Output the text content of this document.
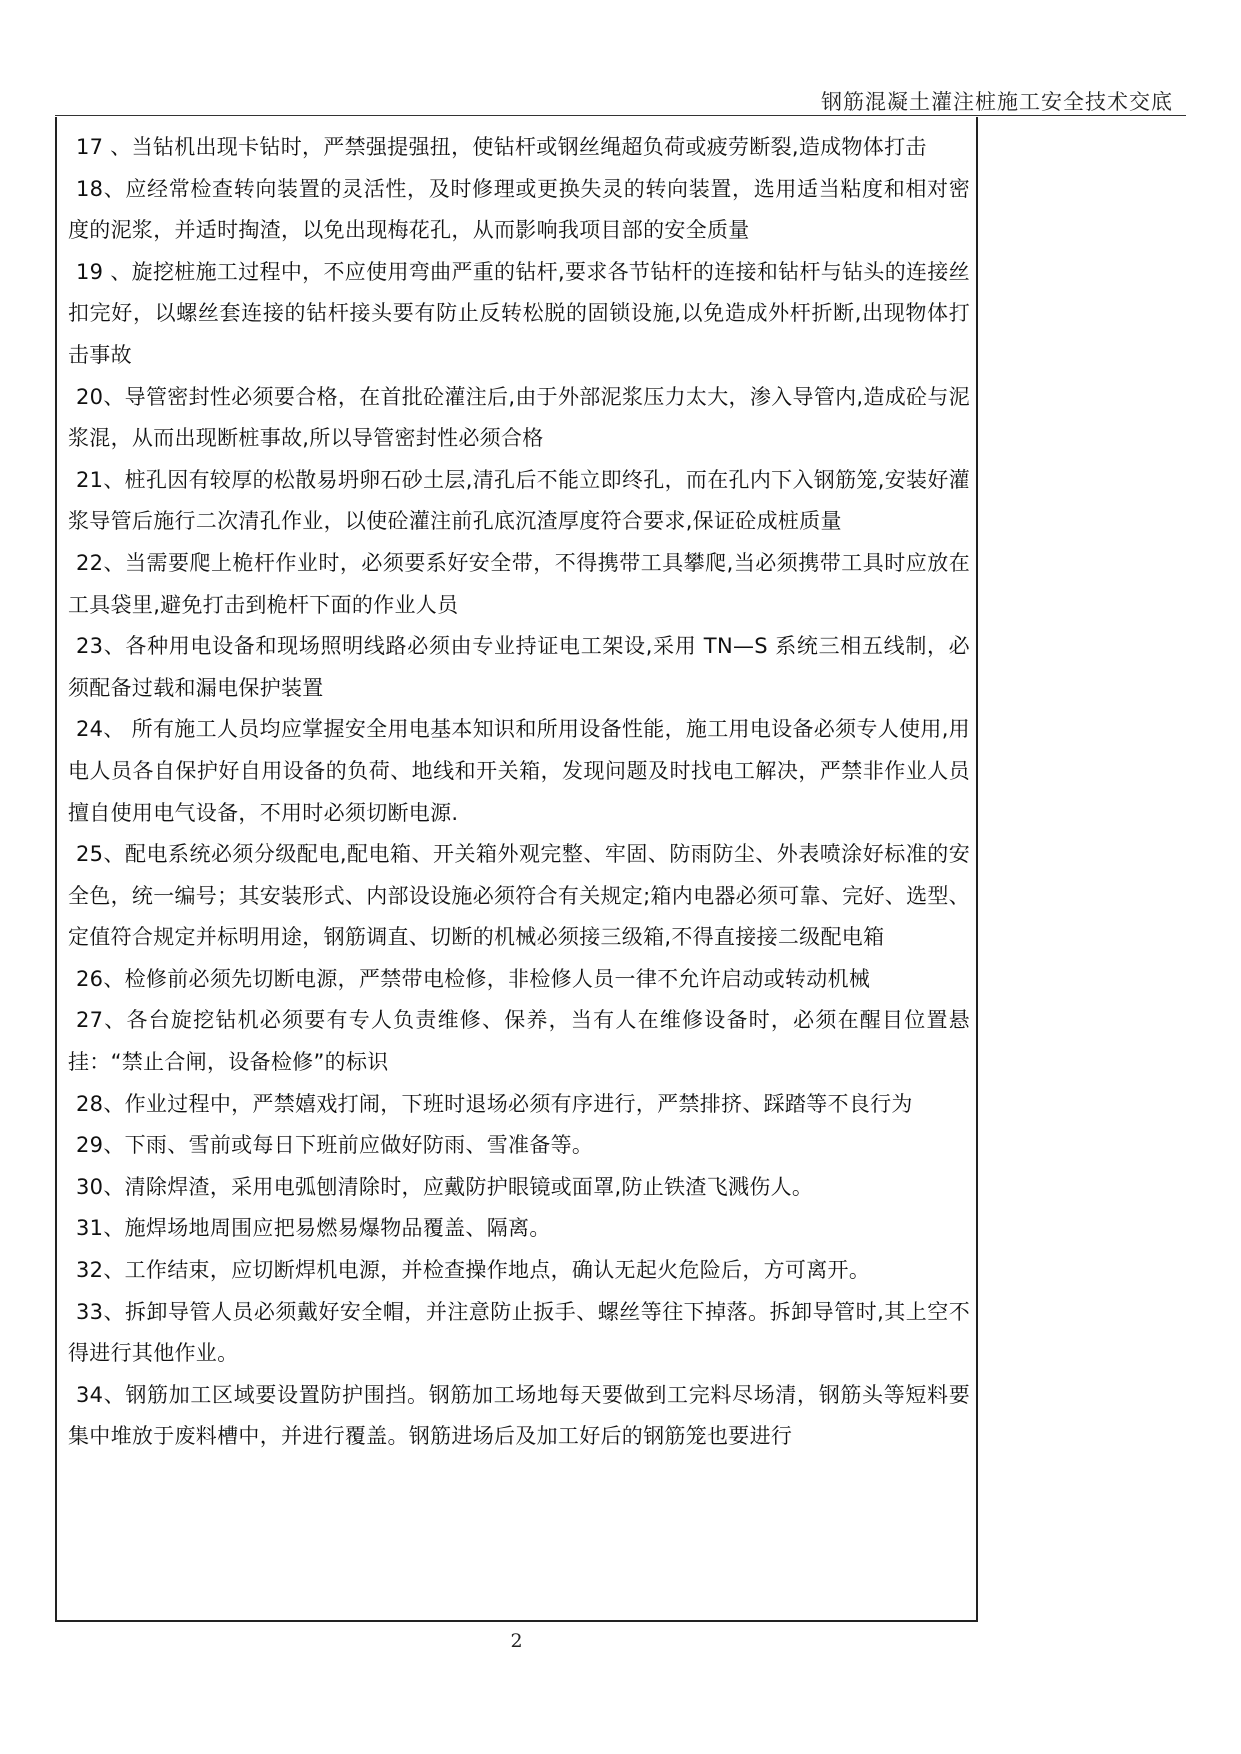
钢筋混凝土灌注桩施工安全技术交底
17 、当钻机出现卡钻时，严禁强提强扭，使钻杆或钢丝绳超负荷或疲劳断裂,造成物体打击
18、应经常检查转向装置的灵活性，及时修理或更换失灵的转向装置，选用适当粘度和相对密度的泥浆，并适时掏渣，以免出现梅花孔，从而影响我项目部的安全质量
19 、旋挖桩施工过程中，不应使用弯曲严重的钻杆,要求各节钻杆的连接和钻杆与钻头的连接丝扣完好，以螺丝套连接的钻杆接头要有防止反转松脱的固锁设施,以免造成外杆折断,出现物体打击事故
20、导管密封性必须要合格，在首批砼灌注后,由于外部泥浆压力太大，渗入导管内,造成砼与泥浆混，从而出现断桩事故,所以导管密封性必须合格
21、桩孔因有较厚的松散易坍卵石砂土层,清孔后不能立即终孔，而在孔内下入钢筋笼,安装好灌浆导管后施行二次清孔作业，以使砼灌注前孔底沉渣厚度符合要求,保证砼成桩质量
22、当需要爬上桅杆作业时，必须要系好安全带，不得携带工具攀爬,当必须携带工具时应放在工具袋里,避免打击到桅杆下面的作业人员
23、各种用电设备和现场照明线路必须由专业持证电工架设,采用 TN—S 系统三相五线制，必须配备过载和漏电保护装置
24、 所有施工人员均应掌握安全用电基本知识和所用设备性能，施工用电设备必须专人使用,用电人员各自保护好自用设备的负荷、地线和开关箱，发现问题及时找电工解决，严禁非作业人员擅自使用电气设备，不用时必须切断电源.
25、配电系统必须分级配电,配电箱、开关箱外观完整、牢固、防雨防尘、外表喷涂好标准的安全色，统一编号；其安装形式、内部设设施必须符合有关规定;箱内电器必须可靠、完好、选型、定值符合规定并标明用途，钢筋调直、切断的机械必须接三级箱,不得直接接二级配电箱
26、检修前必须先切断电源，严禁带电检修，非检修人员一律不允许启动或转动机械
27、各台旋挖钻机必须要有专人负责维修、保养，当有人在维修设备时，必须在醒目位置悬挂：“禁止合闸，设备检修”的标识
28、作业过程中，严禁嬉戏打闹，下班时退场必须有序进行，严禁排挤、踩踏等不良行为
29、下雨、雪前或每日下班前应做好防雨、雪准备等。
30、清除焊渣，采用电弧刨清除时，应戴防护眼镜或面罩,防止铁渣飞溅伤人。
31、施焊场地周围应把易燃易爆物品覆盖、隔离。
32、工作结束，应切断焊机电源，并检查操作地点，确认无起火危险后，方可离开。
33、拆卸导管人员必须戴好安全帽，并注意防止扳手、螺丝等往下掉落。拆卸导管时,其上空不得进行其他作业。
34、钢筋加工区域要设置防护围挡。钢筋加工场地每天要做到工完料尽场清，钢筋头等短料要集中堆放于废料槽中，并进行覆盖。钢筋进场后及加工好后的钢筋笼也要进行
2
